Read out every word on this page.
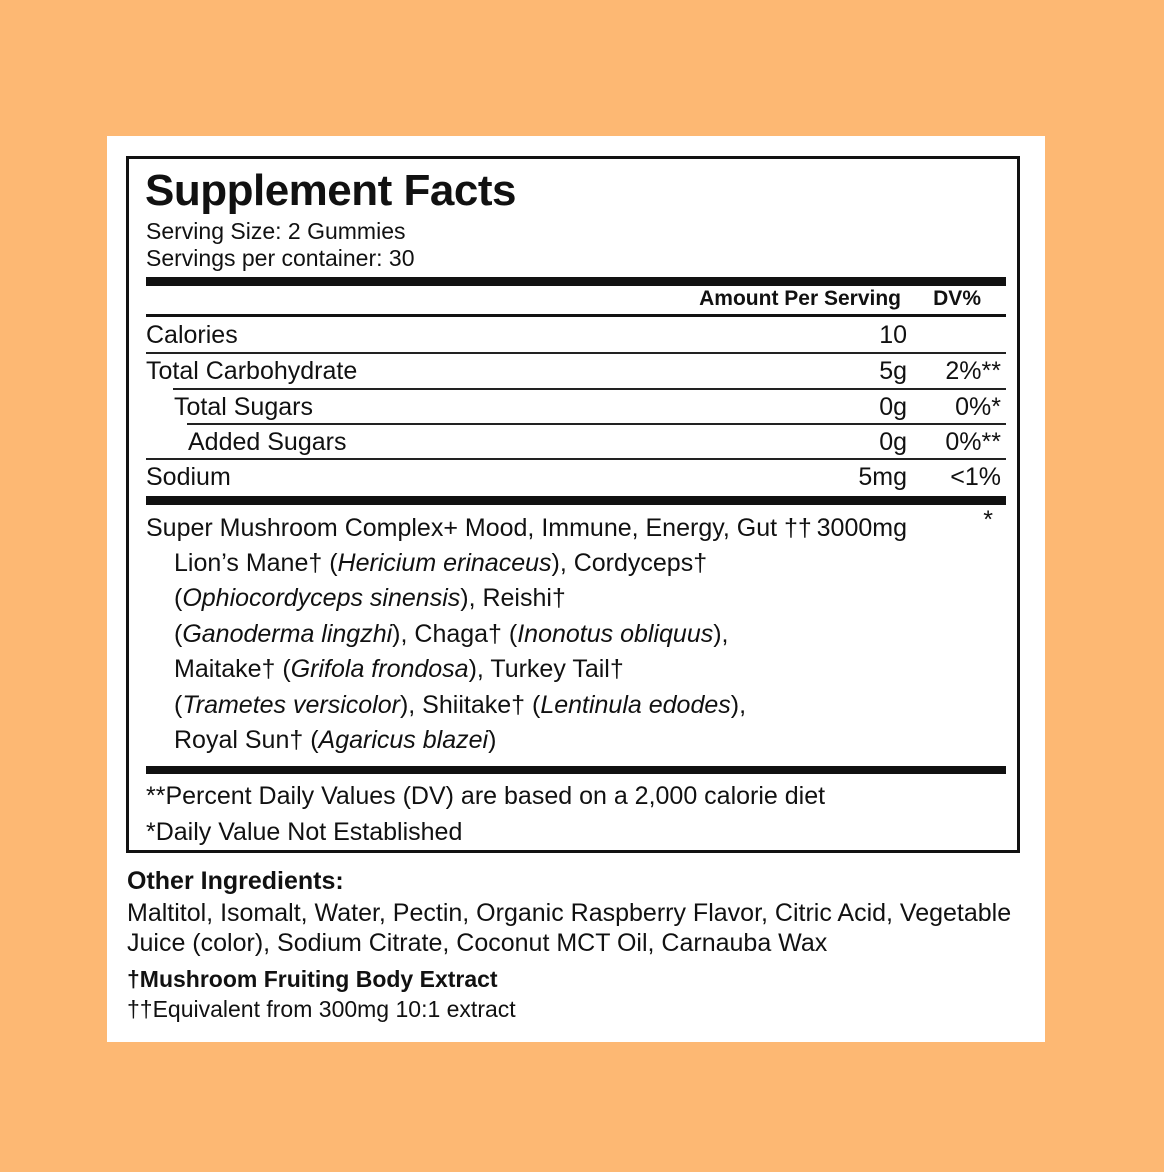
Supplement Facts
Serving Size: 2 Gummies
Servings per container: 30
Amount Per Serving DV%
Calories	10
Total Carbohydrate	5g 2%**
Total Sugars	0g 0%*
Added Sugars	0g 0%**
Sodium	5mg <1%
Super Mushroom Complex+ Mood, Immune, Energy, Gut †† 3000mg	*
Lion’s Mane† (Hericium erinaceus), Cordyceps†
(Ophiocordyceps sinensis), Reishi†
(Ganoderma lingzhi), Chaga† (Inonotus obliquus),
Maitake† (Grifola frondosa), Turkey Tail†
(Trametes versicolor), Shiitake† (Lentinula edodes),
Royal Sun† (Agaricus blazei)
**Percent Daily Values (DV) are based on a 2,000 calorie diet
*Daily Value Not Established
Other Ingredients:
Maltitol, Isomalt, Water, Pectin, Organic Raspberry Flavor, Citric Acid, Vegetable Juice (color), Sodium Citrate, Coconut MCT Oil, Carnauba Wax
†Mushroom Fruiting Body Extract
††Equivalent from 300mg 10:1 extract
